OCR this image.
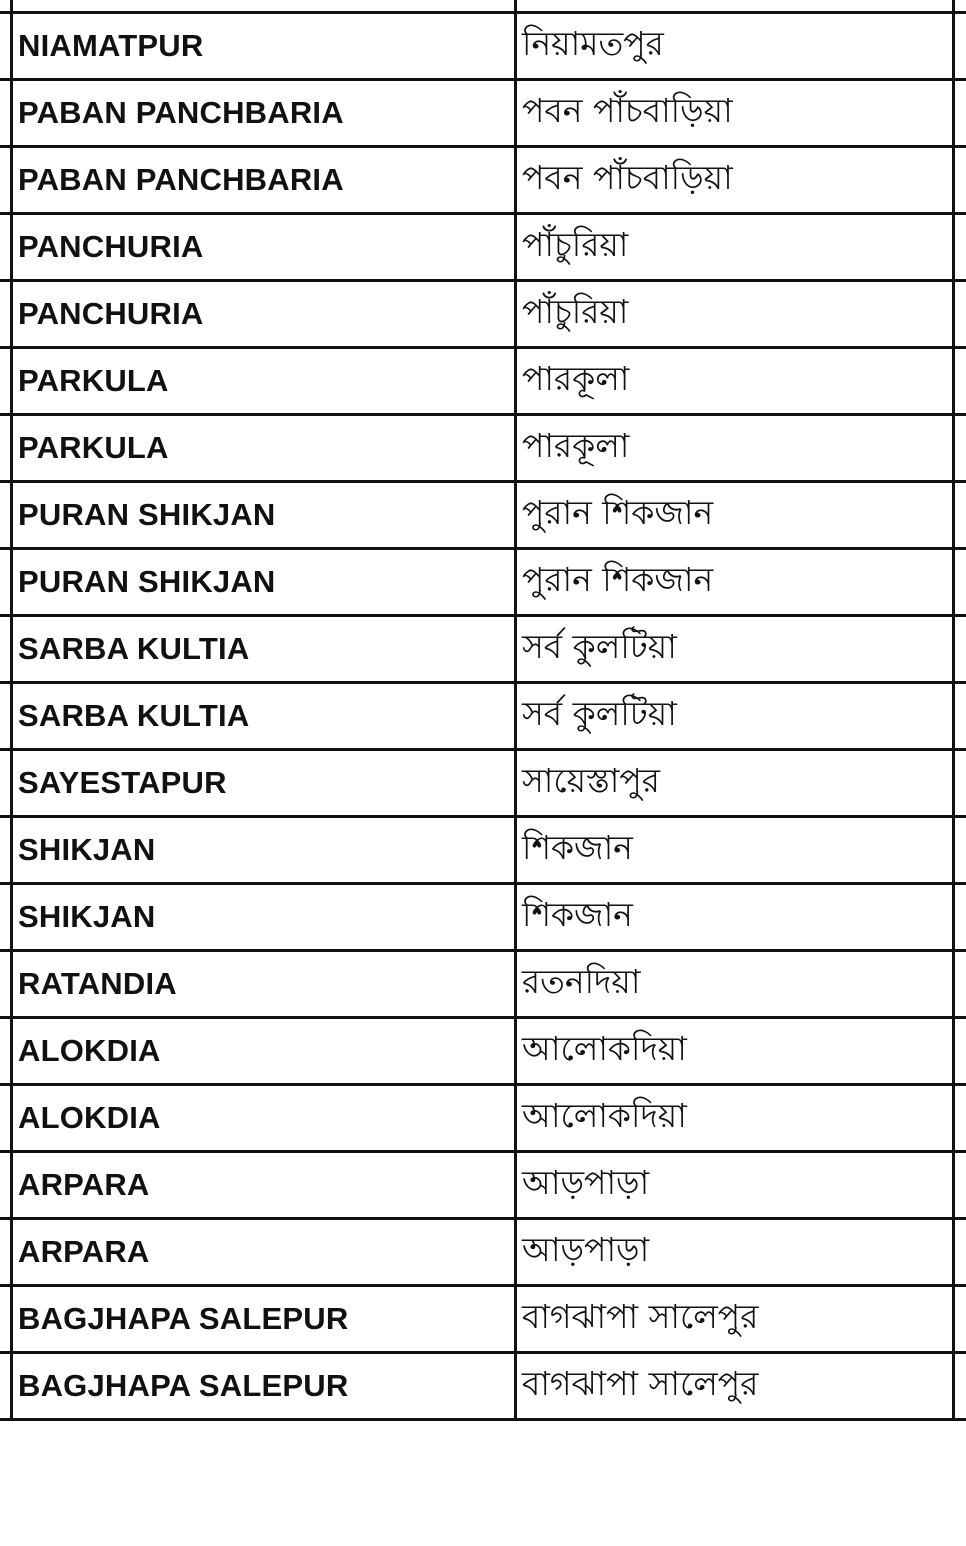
	NIAMATPUR	নিয়ামতপুর	
	PABAN PANCHBARIA	পবন পাঁচবাড়িয়া	
	PABAN PANCHBARIA	পবন পাঁচবাড়িয়া	
	PANCHURIA	পাঁচুরিয়া	
	PANCHURIA	পাঁচুরিয়া	
	PARKULA	পারকূলা	
	PARKULA	পারকূলা	
	PURAN SHIKJAN	পুরান শিকজান	
	PURAN SHIKJAN	পুরান শিকজান	
	SARBA KULTIA	সর্ব কুলটিয়া	
	SARBA KULTIA	সর্ব কুলটিয়া	
	SAYESTAPUR	সায়েস্তাপুর	
	SHIKJAN	শিকজান	
	SHIKJAN	শিকজান	
	RATANDIA	রতনদিয়া	
	ALOKDIA	আলোকদিয়া	
	ALOKDIA	আলোকদিয়া	
	ARPARA	আড়পাড়া	
	ARPARA	আড়পাড়া	
	BAGJHAPA SALEPUR	বাগঝাপা সালেপুর	
	BAGJHAPA SALEPUR	বাগঝাপা সালেপুর	
